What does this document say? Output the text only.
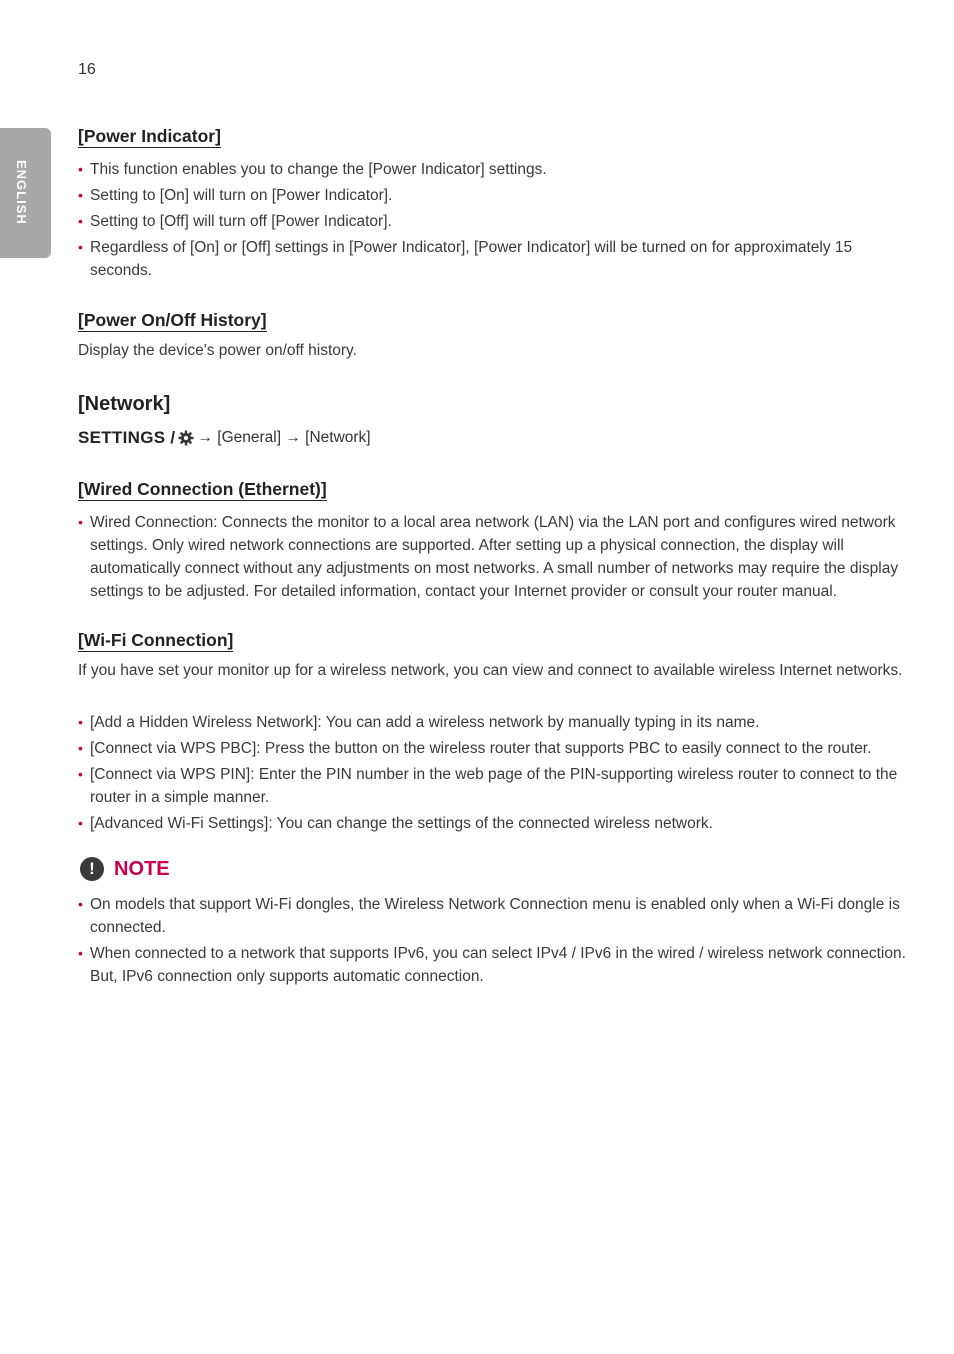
16
ENGLISH
[Power Indicator]
• This function enables you to change the [Power Indicator] settings.
• Setting to [On] will turn on [Power Indicator].
• Setting to [Off] will turn off [Power Indicator].
• Regardless of [On] or [Off] settings in [Power Indicator], [Power Indicator] will be turned on for approximately 15 seconds.
[Power On/Off History]
Display the device's power on/off history.
[Network]
SETTINGS / → [General] → [Network]
[Wired Connection (Ethernet)]
• Wired Connection: Connects the monitor to a local area network (LAN) via the LAN port and configures wired network settings. Only wired network connections are supported. After setting up a physical connection, the display will automatically connect without any adjustments on most networks. A small number of networks may require the display settings to be adjusted. For detailed information, contact your Internet provider or consult your router manual.
[Wi-Fi Connection]
If you have set your monitor up for a wireless network, you can view and connect to available wireless Internet networks.
• [Add a Hidden Wireless Network]: You can add a wireless network by manually typing in its name.
• [Connect via WPS PBC]: Press the button on the wireless router that supports PBC to easily connect to the router.
• [Connect via WPS PIN]: Enter the PIN number in the web page of the PIN-supporting wireless router to connect to the router in a simple manner.
• [Advanced Wi-Fi Settings]: You can change the settings of the connected wireless network.
! NOTE
• On models that support Wi-Fi dongles, the Wireless Network Connection menu is enabled only when a Wi-Fi dongle is connected.
• When connected to a network that supports IPv6, you can select IPv4 / IPv6 in the wired / wireless network connection. But, IPv6 connection only supports automatic connection.
